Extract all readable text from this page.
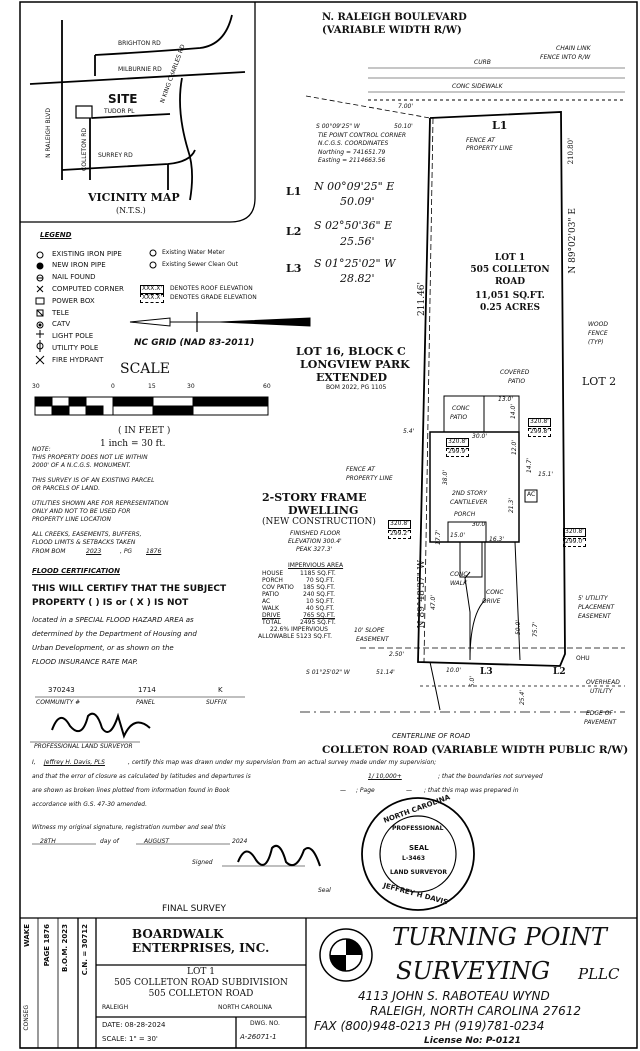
BRIGHTON RD
MILBURNIE RD
N RALEIGH BLVD	TUDOR PL
COLLETON RD SURREY RD
N KING CHARLES RD
SITE
VICINITY MAP
(N.T.S.)
N. RALEIGH BOULEVARD
(VARIABLE WIDTH R/W)
LEGEND
EXISTING IRON PIPE
NEW IRON PIPE
NAIL FOUND
COMPUTED CORNER
POWER BOX
TELE
CATV
LIGHT POLE
UTILITY POLE
FIRE HYDRANT
Existing Water Meter
Existing Sewer Clean Out
XXX.X'
XXX.X'
DENOTES ROOF ELEVATION
DENOTES GRADE ELEVATION
NC GRID (NAD 83-2011)
SCALE
30	0	15	30	60
( IN FEET )
1 inch = 30 ft.
NOTE:
THIS PROPERTY DOES NOT LIE WITHIN
2000' OF A N.C.G.S. MONUMENT.
THIS SURVEY IS OF AN EXISTING PARCEL
OR PARCELS OF LAND.
UTILITIES SHOWN ARE FOR REPRESENTATION
ONLY AND NOT TO BE USED FOR
PROPERTY LINE LOCATION
ALL CREEKS, EASEMENTS, BUFFERS,
FLOOD LIMITS & SETBACKS TAKEN
FROM BOM	2023	, PG 1876
FLOOD CERTIFICATION
THIS WILL CERTIFY THAT THE SUBJECT
PROPERTY ( ) IS or ( X ) IS NOT
located in a SPECIAL FLOOD HAZARD AREA as
determined by the Department of Housing and
Urban Development, or as shown on the
FLOOD INSURANCE RATE MAP.
370243	1714	K
COMMUNITY #	PANEL	SUFFIX
PROFESSIONAL LAND SURVEYOR
S 00°09'25" W	50.10'
TIE POINT CONTROL CORNER
N.C.G.S. COORDINATES
Northing = 741651.79
Easting = 2114663.56
7.00'
L1 N 00°09'25" E
50.09'
L2 S 02°50'36" E
25.56'
L3 S 01°25'02" W
28.82'
CURB
CONC SIDEWALK
CHAIN LINK
FENCE INTO R/W
L1
FENCE AT
PROPERTY LINE	210.80'
211.46'
N 89°02'03" E
N 89°48'37" W
LOT 1
505 COLLETON
ROAD
11,051 SQ.FT.
0.25 ACRES
WOOD
FENCE
(TYP)
LOT 2
LOT 16, BLOCK C
LONGVIEW PARK
EXTENDED
BOM 2022, PG 1105
COVERED
PATIO
CONC
PATIO
13.0'
14.0'
5.4'
30.0'
12.0'
14.7'
15.1'
38.0'
21.3'
30.0'
15.0'
16.3'
47.0'
17.7'
50.0' 75.7'
10.0'
2.50'
5.0'
25.4'
S 01°25'02" W	51.14'
320.8'
299.8'
320.8'
299.9'
320.8'
299.2'	320.8'
299.0'
FENCE AT
PROPERTY LINE
2-STORY FRAME
DWELLING
(NEW CONSTRUCTION)
FINISHED FLOOR
ELEVATION 300.4'
PEAK 327.3'
2ND STORY
CANTILEVER
PORCH
AC
CONC
WALK
CONC
DRIVE
10' SLOPE
EASEMENT
5' UTILITY
PLACEMENT
EASEMENT
OVERHEAD
UTILITY
EDGE OF
PAVEMENT
OHU
L2
L3
CENTERLINE OF ROAD
IMPERVIOUS AREA
HOUSE	1185 SQ.FT.
PORCH	70 SQ.FT.
COV PATIO 185 SQ.FT.
PATIO	240 SQ.FT.
AC	10 SQ.FT.
WALK	40 SQ.FT.
DRIVE	765 SQ.FT.
TOTAL	2495 SQ.FT.
22.6% IMPERVIOUS
ALLOWABLE 5123 SQ.FT.
COLLETON ROAD (VARIABLE WIDTH PUBLIC R/W)
I, Jeffrey H. Davis, PLS	, certify this map was drawn under my supervision from an actual survey made under my supervision;
and that the error of closure as calculated by latitudes and departures is	1/ 10,000+	; that the boundaries not surveyed
are shown as broken lines plotted from information found in Book	— ; Page	— ; that this map was prepared in
accordance with G.S. 47-30 amended.
Witness my original signature, registration number and seal this
28TH	day of	AUGUST	2024
Signed
Seal
FINAL SURVEY
NORTH CAROLINA
PROFESSIONAL
SEAL
L-3463
LAND SURVEYOR
JEFFREY H DAVIS
WAKE PAGE 1876 B.O.M. 2023 C.N. = 30712
CONSEG
BOARDWALK
ENTERPRISES, INC.
LOT 1
505 COLLETON ROAD SUBDIVISION
505 COLLETON ROAD
RALEIGH	NORTH CAROLINA
DATE: 08-28-2024
SCALE: 1" = 30'
DWG. NO.
A-26071-1
TURNING POINT
SURVEYING PLLC
4113 JOHN S. RABOTEAU WYND
RALEIGH, NORTH CAROLINA 27612
FAX (800)948-0213 PH (919)781-0234
License No: P-0121
